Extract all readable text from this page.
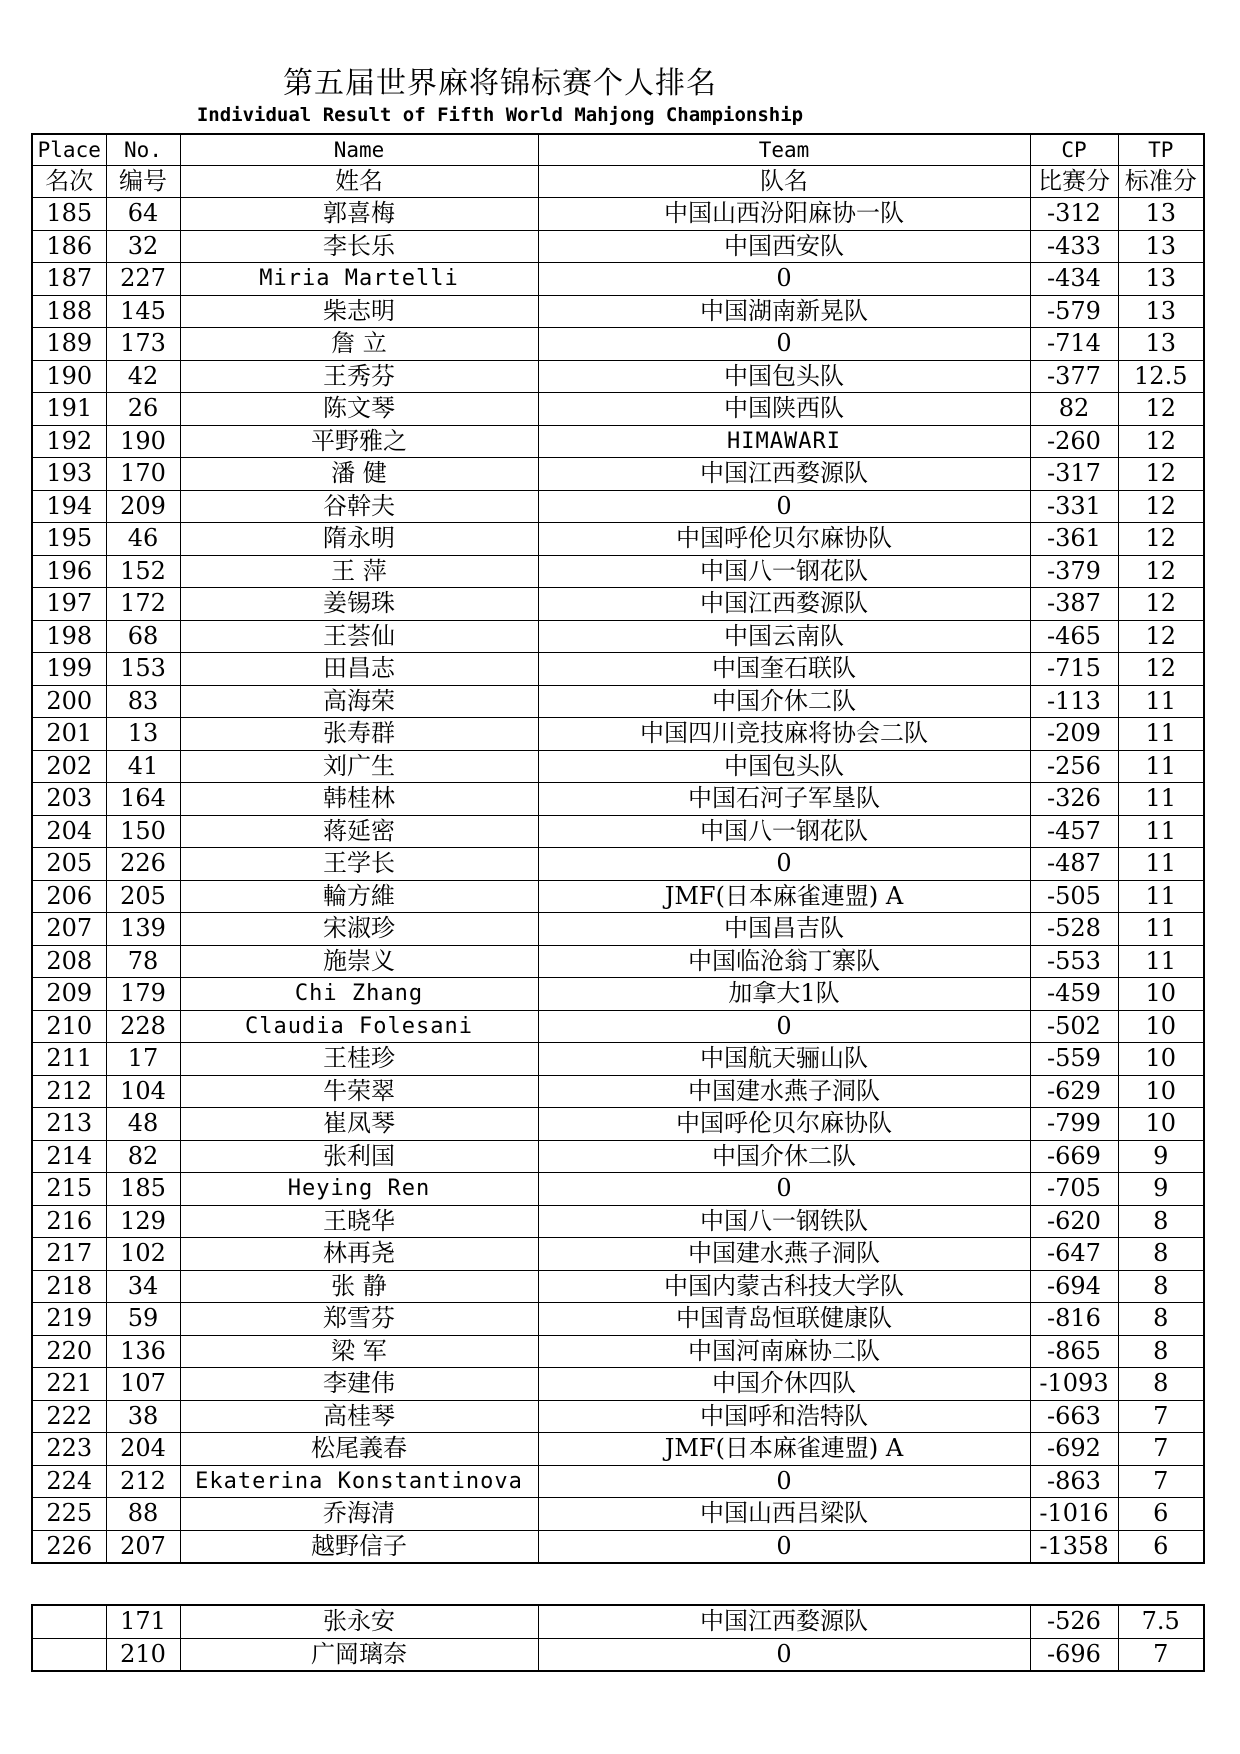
第五届世界麻将锦标赛个人排名
Individual Result of Fifth World Mahjong Championship
Place	No.	Name	Team	CP	TP
名次	编号	姓名	队名	比赛分	标准分
185	64	郭喜梅	中国山西汾阳麻协一队	-312	13
186	32	李长乐	中国西安队	-433	13
187	227	Miria Martelli	0	-434	13
188	145	柴志明	中国湖南新晃队	-579	13
189	173	詹 立	0	-714	13
190	42	王秀芬	中国包头队	-377	12.5
191	26	陈文琴	中国陕西队	82	12
192	190	平野雅之	HIMAWARI	-260	12
193	170	潘 健	中国江西婺源队	-317	12
194	209	谷幹夫	0	-331	12
195	46	隋永明	中国呼伦贝尔麻协队	-361	12
196	152	王 萍	中国八一钢花队	-379	12
197	172	姜锡珠	中国江西婺源队	-387	12
198	68	王荟仙	中国云南队	-465	12
199	153	田昌志	中国奎石联队	-715	12
200	83	高海荣	中国介休二队	-113	11
201	13	张寿群	中国四川竞技麻将协会二队	-209	11
202	41	刘广生	中国包头队	-256	11
203	164	韩桂林	中国石河子军垦队	-326	11
204	150	蒋延密	中国八一钢花队	-457	11
205	226	王学长	0	-487	11
206	205	輪方維	JMF(日本麻雀連盟) A	-505	11
207	139	宋淑珍	中国昌吉队	-528	11
208	78	施崇义	中国临沧翁丁寨队	-553	11
209	179	Chi Zhang	加拿大1队	-459	10
210	228	Claudia Folesani	0	-502	10
211	17	王桂珍	中国航天骊山队	-559	10
212	104	牛荣翠	中国建水燕子洞队	-629	10
213	48	崔凤琴	中国呼伦贝尔麻协队	-799	10
214	82	张利国	中国介休二队	-669	9
215	185	Heying Ren	0	-705	9
216	129	王晓华	中国八一钢铁队	-620	8
217	102	林再尧	中国建水燕子洞队	-647	8
218	34	张 静	中国内蒙古科技大学队	-694	8
219	59	郑雪芬	中国青岛恒联健康队	-816	8
220	136	梁 军	中国河南麻协二队	-865	8
221	107	李建伟	中国介休四队	-1093	8
222	38	高桂琴	中国呼和浩特队	-663	7
223	204	松尾義春	JMF(日本麻雀連盟) A	-692	7
224	212	Ekaterina Konstantinova	0	-863	7
225	88	乔海清	中国山西吕梁队	-1016	6
226	207	越野信子	0	-1358	6
	171	张永安	中国江西婺源队	-526	7.5
	210	广岡璃奈	0	-696	7
